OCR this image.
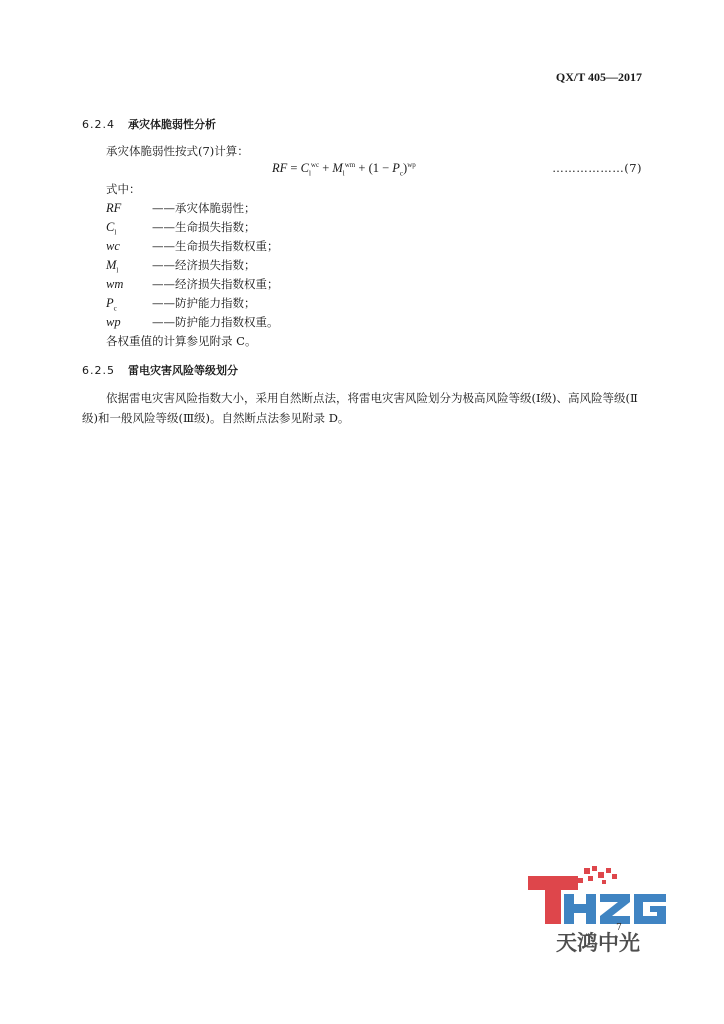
QX/T 405—2017
6.2.4 承灾体脆弱性分析
承灾体脆弱性按式(7)计算：
RF = $C_l^{wc} + M_l^{wm} + (1 - P_c)^{wp}$	………………(7)
式中：
RF	——承灾体脆弱性；
$C_l$	——生命损失指数；
wc	——生命损失指数权重；
$M_l$	——经济损失指数；
wm ——经济损失指数权重；
$P_c$	——防护能力指数；
wp	——防护能力指数权重。
各权重值的计算参见附录 C。
6.2.5 雷电灾害风险等级划分
依据雷电灾害风险指数大小，采用自然断点法，将雷电灾害风险划分为极高风险等级(Ⅰ级)、高风险等级(Ⅱ级)和一般风险等级(Ⅲ级)。自然断点法参见附录 D。
天鸿中光
7
